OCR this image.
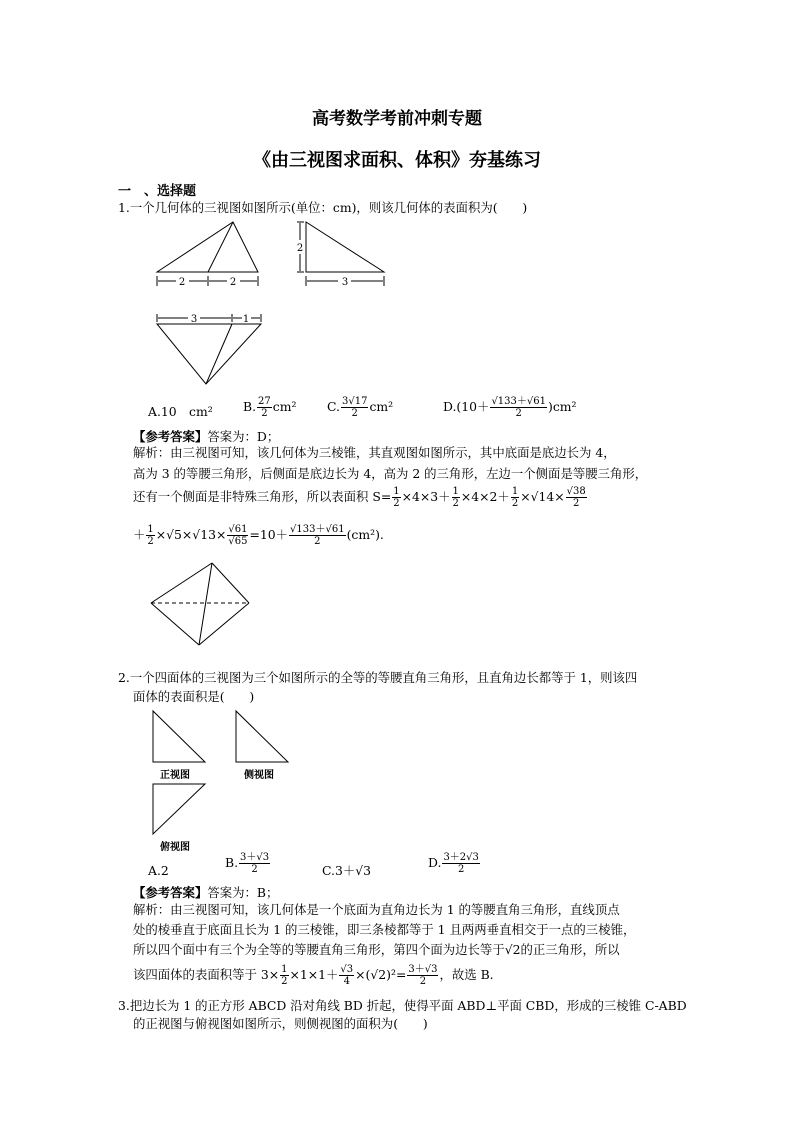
高考数学考前冲刺专题
《由三视图求面积、体积》夯基练习
一　、选择题
1.一个几何体的三视图如图所示(单位：cm)，则该几何体的表面积为(　　)
2	2
2
3
3	1
A.10　cm² B. $\frac{27}{2} cm^2$ C. $\frac{3√17}{2} cm^2$	$D.(10+ \frac{√133+√61}{2} )cm^2$
【参考答案】答案为：D；
解析：由三视图可知，该几何体为三棱锥，其直观图如图所示，其中底面是底边长为 4，
高为 3 的等腰三角形，后侧面是底边长为 4，高为 2 的三角形，左边一个侧面是等腰三角形，
还有一个侧面是非特殊三角形，所以表面积 $S= \frac{1}{2} \times 4\times 3+ \frac{1}{2} \times 4\times 2+ \frac{1}{2} \times√14\times \frac{√38}{2}$
＋ $\frac{1}{2} \times√5\times√13\times \frac{√61}{√65} =10+ \frac{√133+√61}{2} (cm^2)$.
2.一个四面体的三视图为三个如图所示的全等的等腰直角三角形，且直角边长都等于 1，则该四
面体的表面积是(　　)
正视图	侧视图
俯视图
A.2
B. $\frac{3+√3}{2}$	C.3＋√3
D. $\frac{3+2√3}{2}$
【参考答案】答案为：B；
解析：由三视图可知，该几何体是一个底面为直角边长为 1 的等腰直角三角形，直线顶点
处的棱垂直于底面且长为 1 的三棱锥，即三条棱都等于 1 且两两垂直相交于一点的三棱锥，
所以四个面中有三个为全等的等腰直角三角形，第四个面为边长等于√2的正三角形，所以
该四面体的表面积等于 $3\times \frac{1}{2} \times 1\times 1+ \frac{√3}{4} \times(√2)^2= \frac{3+√3}{2}$ ，故选 B.
3.把边长为 1 的正方形 ABCD 沿对角线 BD 折起，使得平面 ABD⊥平面 CBD，形成的三棱锥 C-ABD
的正视图与俯视图如图所示，则侧视图的面积为(　　)
